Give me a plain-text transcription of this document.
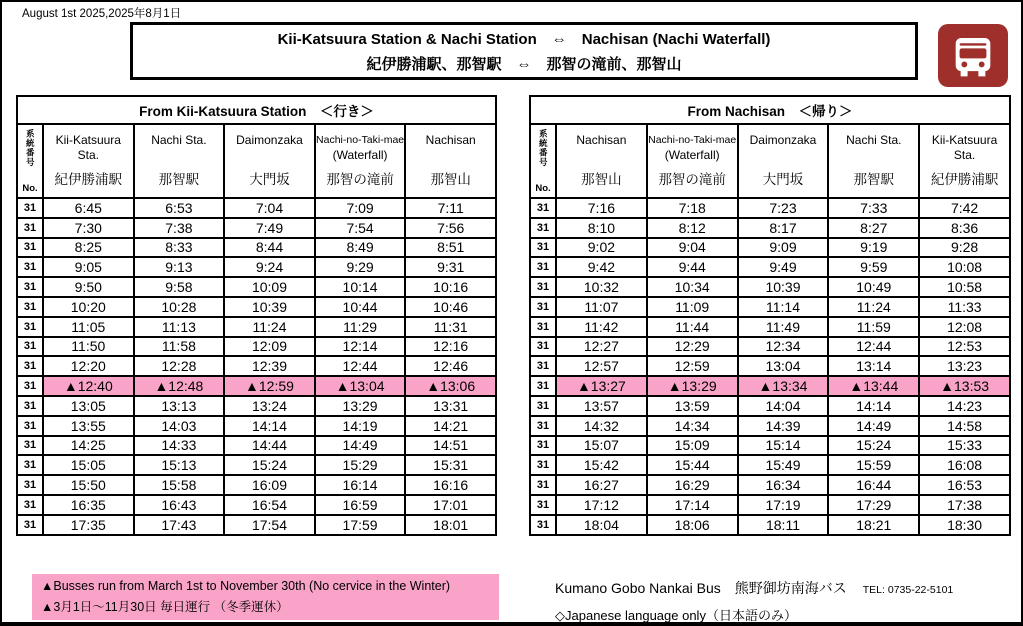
August 1st 2025,2025年8月1日
Kii-Katsuura Station & Nachi Station　⇔　Nachisan (Nachi Waterfall)
紀伊勝浦駅、那智駅　⇔　那智の滝前、那智山
From Kii-Katsuura Station　＜行き＞					

系統番号
No.

Kii-Katsuura Sta.
紀伊勝浦駅

Nachi Sta.
那智駅

Daimonzaka
大門坂

Nachi-no-Taki-mae
(Waterfall)
那智の滝前

Nachisan
那智山

31	6:45	6:53	7:04	7:09	7:11
31	7:30	7:38	7:49	7:54	7:56
31	8:25	8:33	8:44	8:49	8:51
31	9:05	9:13	9:24	9:29	9:31
31	9:50	9:58	10:09	10:14	10:16
31	10:20	10:28	10:39	10:44	10:46
31	11:05	11:13	11:24	11:29	11:31
31	11:50	11:58	12:09	12:14	12:16
31	12:20	12:28	12:39	12:44	12:46
31	▲12:40	▲12:48	▲12:59	▲13:04	▲13:06
31	13:05	13:13	13:24	13:29	13:31
31	13:55	14:03	14:14	14:19	14:21
31	14:25	14:33	14:44	14:49	14:51
31	15:05	15:13	15:24	15:29	15:31
31	15:50	15:58	16:09	16:14	16:16
31	16:35	16:43	16:54	16:59	17:01
31	17:35	17:43	17:54	17:59	18:01
From Nachisan　＜帰り＞					

系統番号
No.

Nachisan
那智山

Nachi-no-Taki-mae
(Waterfall)
那智の滝前

Daimonzaka
大門坂

Nachi Sta.
那智駅

Kii-Katsuura Sta.
紀伊勝浦駅

31	7:16	7:18	7:23	7:33	7:42
31	8:10	8:12	8:17	8:27	8:36
31	9:02	9:04	9:09	9:19	9:28
31	9:42	9:44	9:49	9:59	10:08
31	10:32	10:34	10:39	10:49	10:58
31	11:07	11:09	11:14	11:24	11:33
31	11:42	11:44	11:49	11:59	12:08
31	12:27	12:29	12:34	12:44	12:53
31	12:57	12:59	13:04	13:14	13:23
31	▲13:27	▲13:29	▲13:34	▲13:44	▲13:53
31	13:57	13:59	14:04	14:14	14:23
31	14:32	14:34	14:39	14:49	14:58
31	15:07	15:09	15:14	15:24	15:33
31	15:42	15:44	15:49	15:59	16:08
31	16:27	16:29	16:34	16:44	16:53
31	17:12	17:14	17:19	17:29	17:38
31	18:04	18:06	18:11	18:21	18:30
▲Busses run from March 1st to November 30th (No cervice in the Winter)
▲3月1日～11月30日 毎日運行 （冬季運休）
Kumano Gobo Nankai Bus　熊野御坊南海バス TEL: 0735-22-5101
◇Japanese language only（日本語のみ）
